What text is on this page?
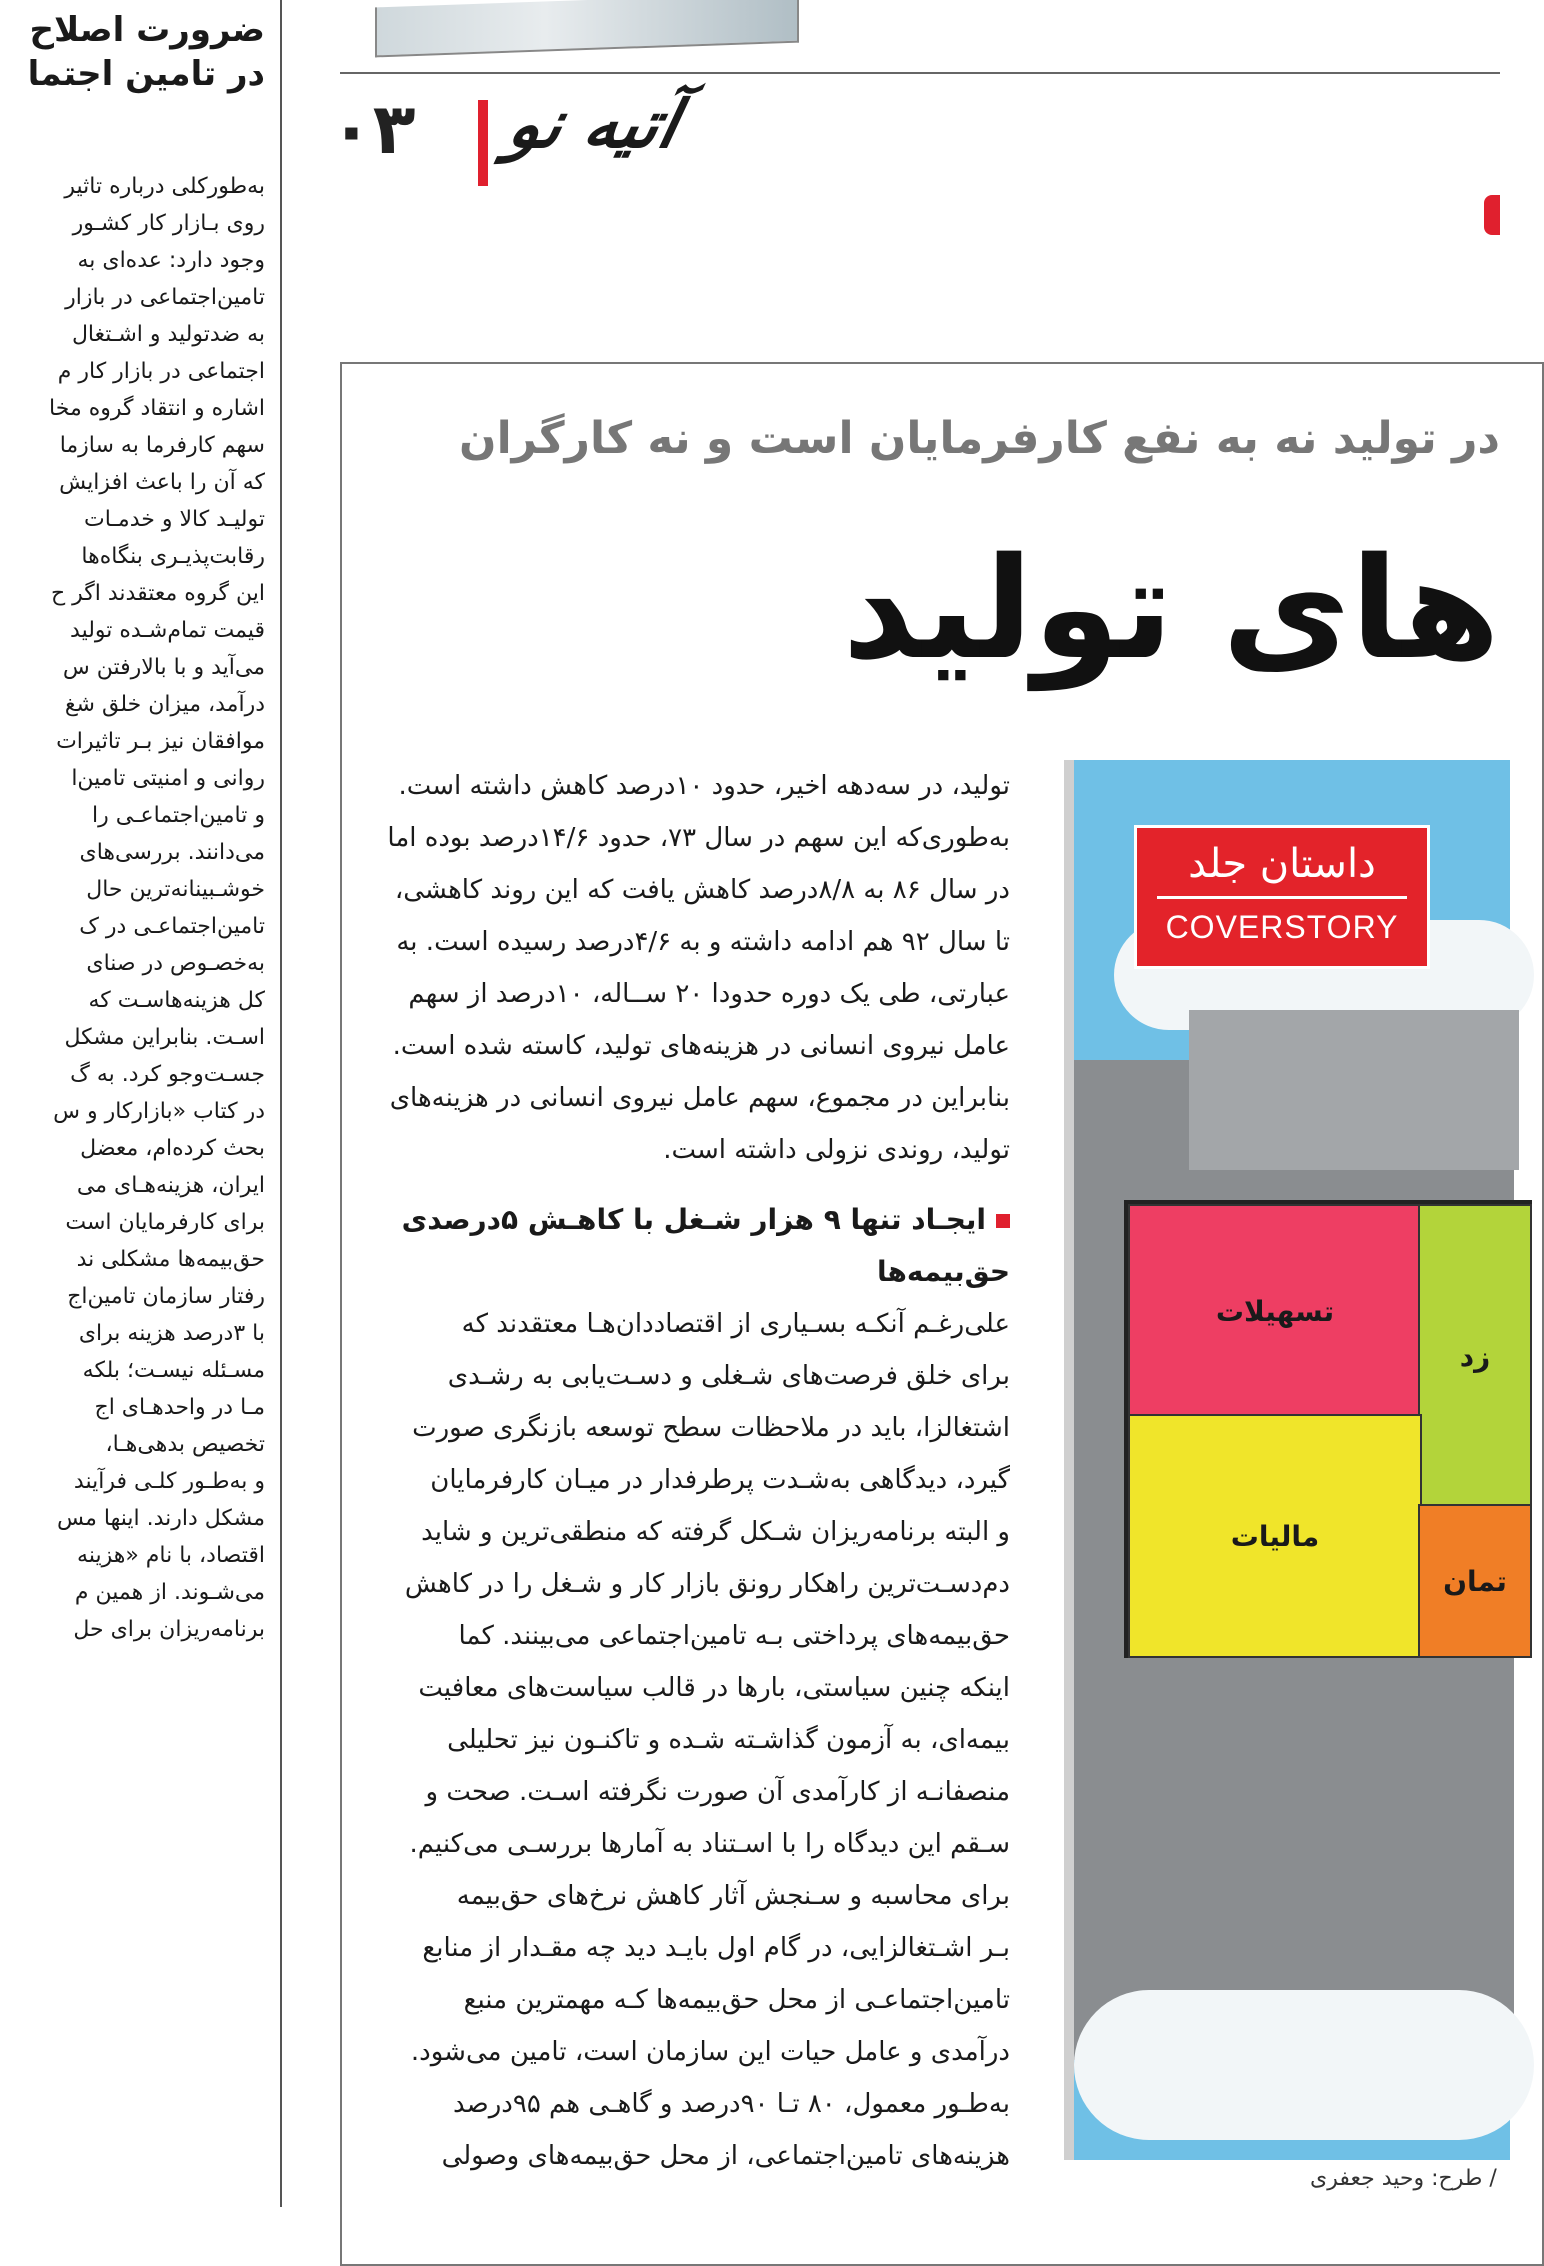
ضرورت اصلاح
در تامین اجتما
به‌طورکلی درباره تاثیر
روی بـازار کار کشـور
وجود دارد: عده‌ای به
تامین‌اجتماعی‌ در بازار
به ضدتولید و اشـتغال
اجتماعی در بازار کار م
اشاره و انتقاد گروه مخا
سهم کارفرما به سازما
که آن را باعث افزایش
تولیـد کالا و خدمـات
رقابت‌پذیـری بنگاه‌ها
این گروه معتقدند اگر ح
قیمت تمام‌شـده تولید
می‌آید و با بالارفتن س
درآمد، میزان خلق شغ
موافقان نیز بـر تاثیرات
روانی و امنیتی تامین‌ا
و تامین‌اجتماعـی را
می‌دانند. بررسی‌های
خوشـبینانه‌ترین حال
تامین‌اجتماعـی در ک
به‌خصـوص در صنای
کل هزینه‌هاسـت که
اسـت. بنابراین مشکل
جسـت‌وجو کرد. به گ
در کتاب «بازارکار و س
بحث کرده‌ام، معضل
ایران، هزینه‌هـای می
برای کارفرمایان است
حق‌بیمه‌ها مشکلی ند
رفتار سازمان تامین‌اج
با ۳درصد هزینه برای
مسـئله نیسـت؛ بلکه
مـا در واحدهـای اج
تخصیص بدهی‌هـا،
و به‌طـور کلـی فرآیند
مشکل دارند. اینها مس
اقتصاد، با نام «هزینه
می‌شـوند. از همین م
برنامه‌ریزان برای حل
۰۳ آتیه نو
در تولید نه به نفع کارفرمایان است و نه کارگران
های تولید
تولید، در سه‌دهه اخیر، حدود ۱۰درصد کاهش داشته است.
به‌طوری‌که این سهم در سال ۷۳، حدود ۱۴/۶درصد بوده اما
در سال ۸۶ به ۸/۸درصد کاهش یافت که این روند کاهشی،
تا سال ۹۲ هم ادامه داشته و به ۴/۶درصد رسیده است. به
عبارتی، طی یک دوره حدودا ۲۰ ســاله، ۱۰درصد از سهم
عامل نیروی انسانی در هزینه‌های تولید، کاسته شده است.
بنابراین در مجموع، سهم عامل نیروی انسانی در هزینه‌های
تولید، روندی نزولی داشته است.
ایجـاد تنها ۹ هزار شـغل با کاهـش ۵درصدی
حق‌بیمه‌ها
علی‌رغـم آنکـه بسـیاری از اقتصاددان‌هـا معتقدند که
برای خلق فرصت‌های شـغلی و دسـت‌یابی به رشـدی
اشتغالزا، باید در ملاحظات سطح توسعه بازنگری صورت
گیرد، دیدگاهی به‌شـدت پرطرفدار در میـان کارفرمایان
و البته برنامه‌ریزان شـکل گرفته که منطقی‌ترین و شاید
دم‌دسـت‌ترین راهکار رونق بازار کار و شـغل را در کاهش
حق‌بیمه‌های پرداختی بـه تامین‌اجتماعی می‌بینند. کما
اینکه چنین سیاستی، بارها در قالب سیاست‌های معافیت
بیمه‌ای، به آزمون گذاشـته شـده و تاکنـون نیز تحلیلی
منصفانـه از کارآمدی آن صورت نگرفته اسـت. صحت و
سـقم این دیدگاه را با اسـتناد به آمارها بررسـی می‌کنیم.
برای محاسبه و سـنجش آثار کاهش نرخ‌های حق‌بیمه
بـر اشـتغالزایی، در گام اول بایـد دید چه مقـدار از منابع
تامین‌اجتماعـی از محل حق‌بیمه‌ها کـه مهمترین منبع
درآمدی و عامل حیات این سازمان است، تامین می‌شود.
به‌طـور معمول، ۸۰ تـا ۹۰درصد و گاهـی هم ۹۵درصد
هزینه‌های تامین‌اجتماعی، از محل حق‌بیمه‌های وصولی
داستان جلد
COVERSTORY
تسهیلات
زد
مالیات
تمان
/ طرح: وحید جعفری
